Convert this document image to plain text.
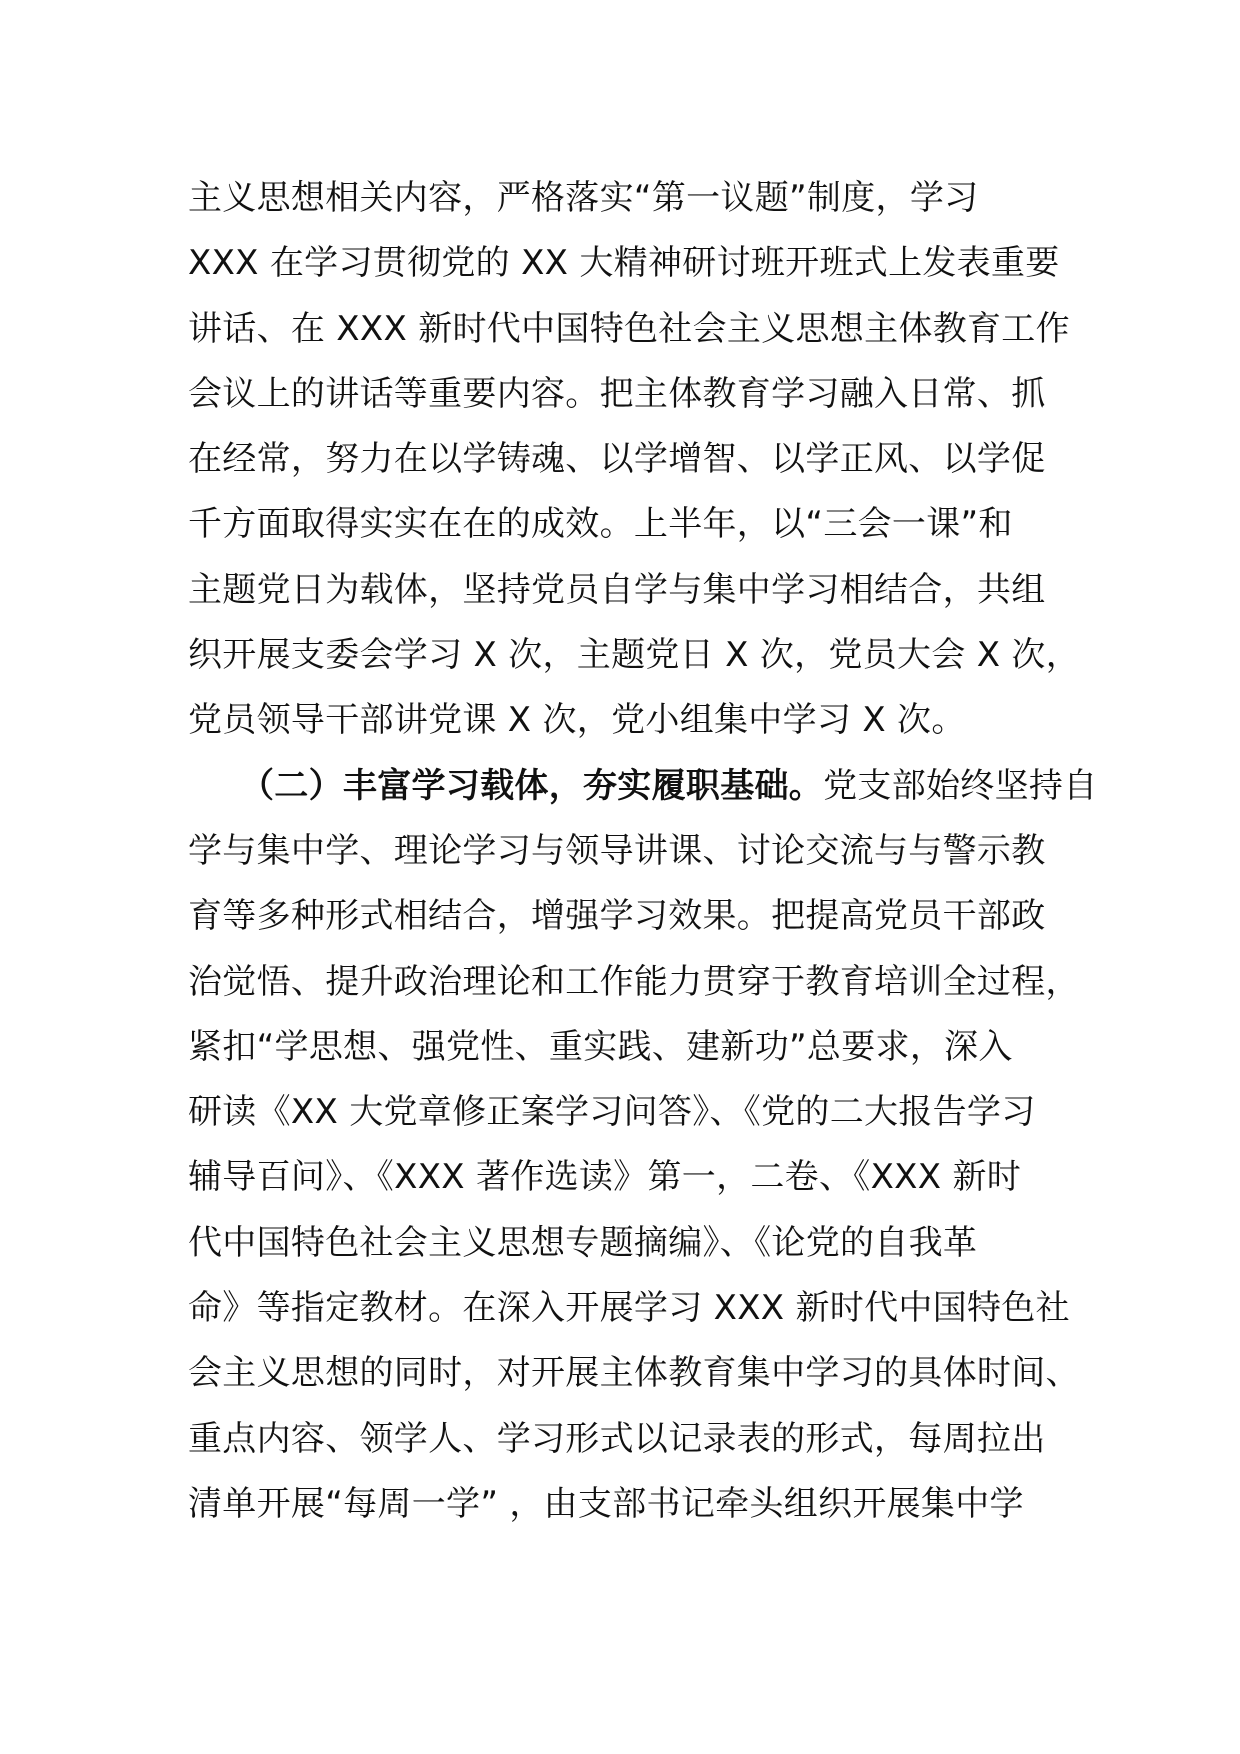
主义思想相关内容，严格落实“第一议题”制度，学习
XXX 在学习贯彻党的 XX 大精神研讨班开班式上发表重要
讲话、在 XXX 新时代中国特色社会主义思想主体教育工作
会议上的讲话等重要内容。把主体教育学习融入日常、抓
在经常，努力在以学铸魂、以学增智、以学正风、以学促
千方面取得实实在在的成效。上半年，以“三会一课”和
主题党日为载体，坚持党员自学与集中学习相结合，共组
织开展支委会学习 X 次，主题党日 X 次，党员大会 X 次，
党员领导干部讲党课 X 次，党小组集中学习 X 次。
（二）丰富学习载体，夯实履职基础。党支部始终坚持自
学与集中学、理论学习与领导讲课、讨论交流与与警示教
育等多种形式相结合，增强学习效果。把提高党员干部政
治觉悟、提升政治理论和工作能力贯穿于教育培训全过程，
紧扣“学思想、强党性、重实践、建新功”总要求，深入
研读《XX 大党章修正案学习问答》、《党的二大报告学习
辅导百问》、《XXX 著作选读》第一，二卷、《XXX 新时
代中国特色社会主义思想专题摘编》、《论党的自我革
命》等指定教材。在深入开展学习 XXX 新时代中国特色社
会主义思想的同时，对开展主体教育集中学习的具体时间、
重点内容、领学人、学习形式以记录表的形式，每周拉出
清单开展“每周一学” ，由支部书记牵头组织开展集中学
